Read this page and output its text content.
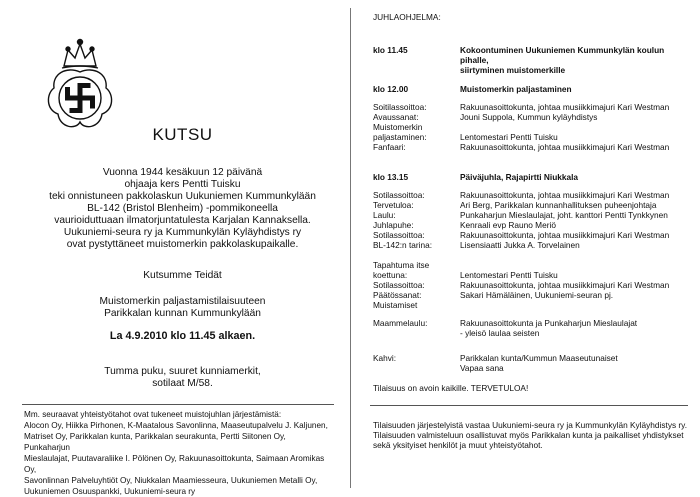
KUTSU
Vuonna 1944 kesäkuun 12 päivänä
ohjaaja kers Pentti Tuisku
teki onnistuneen pakkolaskun Uukuniemen Kummunkylään
BL-142 (Bristol Blenheim) -pommikoneella
vaurioiduttuaan ilmatorjuntatulesta Karjalan Kannaksella.
Uukuniemi-seura ry ja Kummunkylän Kyläyhdistys ry
ovat pystyttäneet muistomerkin pakkolaskupaikalle.
Kutsumme Teidät
Muistomerkin paljastamistilaisuuteen
Parikkalan kunnan Kummunkylään
La 4.9.2010 klo 11.45 alkaen.
Tumma puku, suuret kunniamerkit,
sotilaat M/58.
Mm. seuraavat yhteistyötahot ovat tukeneet muistojuhlan järjestämistä:
Alocon Oy, Hiikka Pirhonen, K-Maatalous Savonlinna, Maaseutupalvelu J. Kaljunen,
Matriset Oy, Parikkalan kunta, Parikkalan seurakunta, Pertti Siitonen Oy, Punkaharjun
Mieslaulajat, Puutavaraliike I. Pölönen Oy, Rakuunasoittokunta, Saimaan Aromikas Oy,
Savonlinnan Palveluyhtiöt Oy, Niukkalan Maamiesseura, Uukuniemen Metalli Oy,
Uukuniemen Osuuspankki, Uukuniemi-seura ry
JUHLAOHJELMA:
klo 11.45	Kokoontuminen Uukuniemen Kummunkylän koulun pihalle,
siirtyminen muistomerkille
klo 12.00	Muistomerkin paljastaminen
Soitilassoittoa:	Rakuunasoittokunta, johtaa musiikkimajuri Kari Westman
Avaussanat:	Jouni Suppola, Kummun kyläyhdistys
Muistomerkin
paljastaminen:	Lentomestari Pentti Tuisku
Fanfaari:	Rakuunasoittokunta, johtaa musiikkimajuri Kari Westman
klo 13.15	Päiväjuhla, Rajapirtti Niukkala
Sotilassoittoa:	Rakuunasoittokunta, johtaa musiikkimajuri Kari Westman
Tervetuloa:	Ari Berg, Parikkalan kunnanhallituksen puheenjohtaja
Laulu:	Punkaharjun Mieslaulajat, joht. kanttori Pentti Tynkkynen
Juhlapuhe:	Kenraali evp Rauno Meriö
Sotilassoittoa:	Rakuunasoittokunta, johtaa musiikkimajuri Kari Westman
BL-142:n tarina:	Lisensiaatti Jukka A. Torvelainen
Tapahtuma itse
koettuna:	Lentomestari Pentti Tuisku
Sotilassoittoa:	Rakuunasoittokunta, johtaa musiikkimajuri Kari Westman
Päätössanat:	Sakari Hämäläinen, Uukuniemi-seuran pj.
Muistamiset
Maammelaulu:	Rakuunasoittokunta ja Punkaharjun Mieslaulajat
- yleisö laulaa seisten
Kahvi:	Parikkalan kunta/Kummun Maaseutunaiset
Vapaa sana
Tilaisuus on avoin kaikille. TERVETULOA!
Tilaisuuden järjestelyistä vastaa Uukuniemi-seura ry ja Kummunkylän Kyläyhdistys ry.
Tilaisuuden valmisteluun osallistuvat myös Parikkalan kunta ja paikalliset yhdistykset
sekä yksityiset henkilöt ja muut yhteistyötahot.
